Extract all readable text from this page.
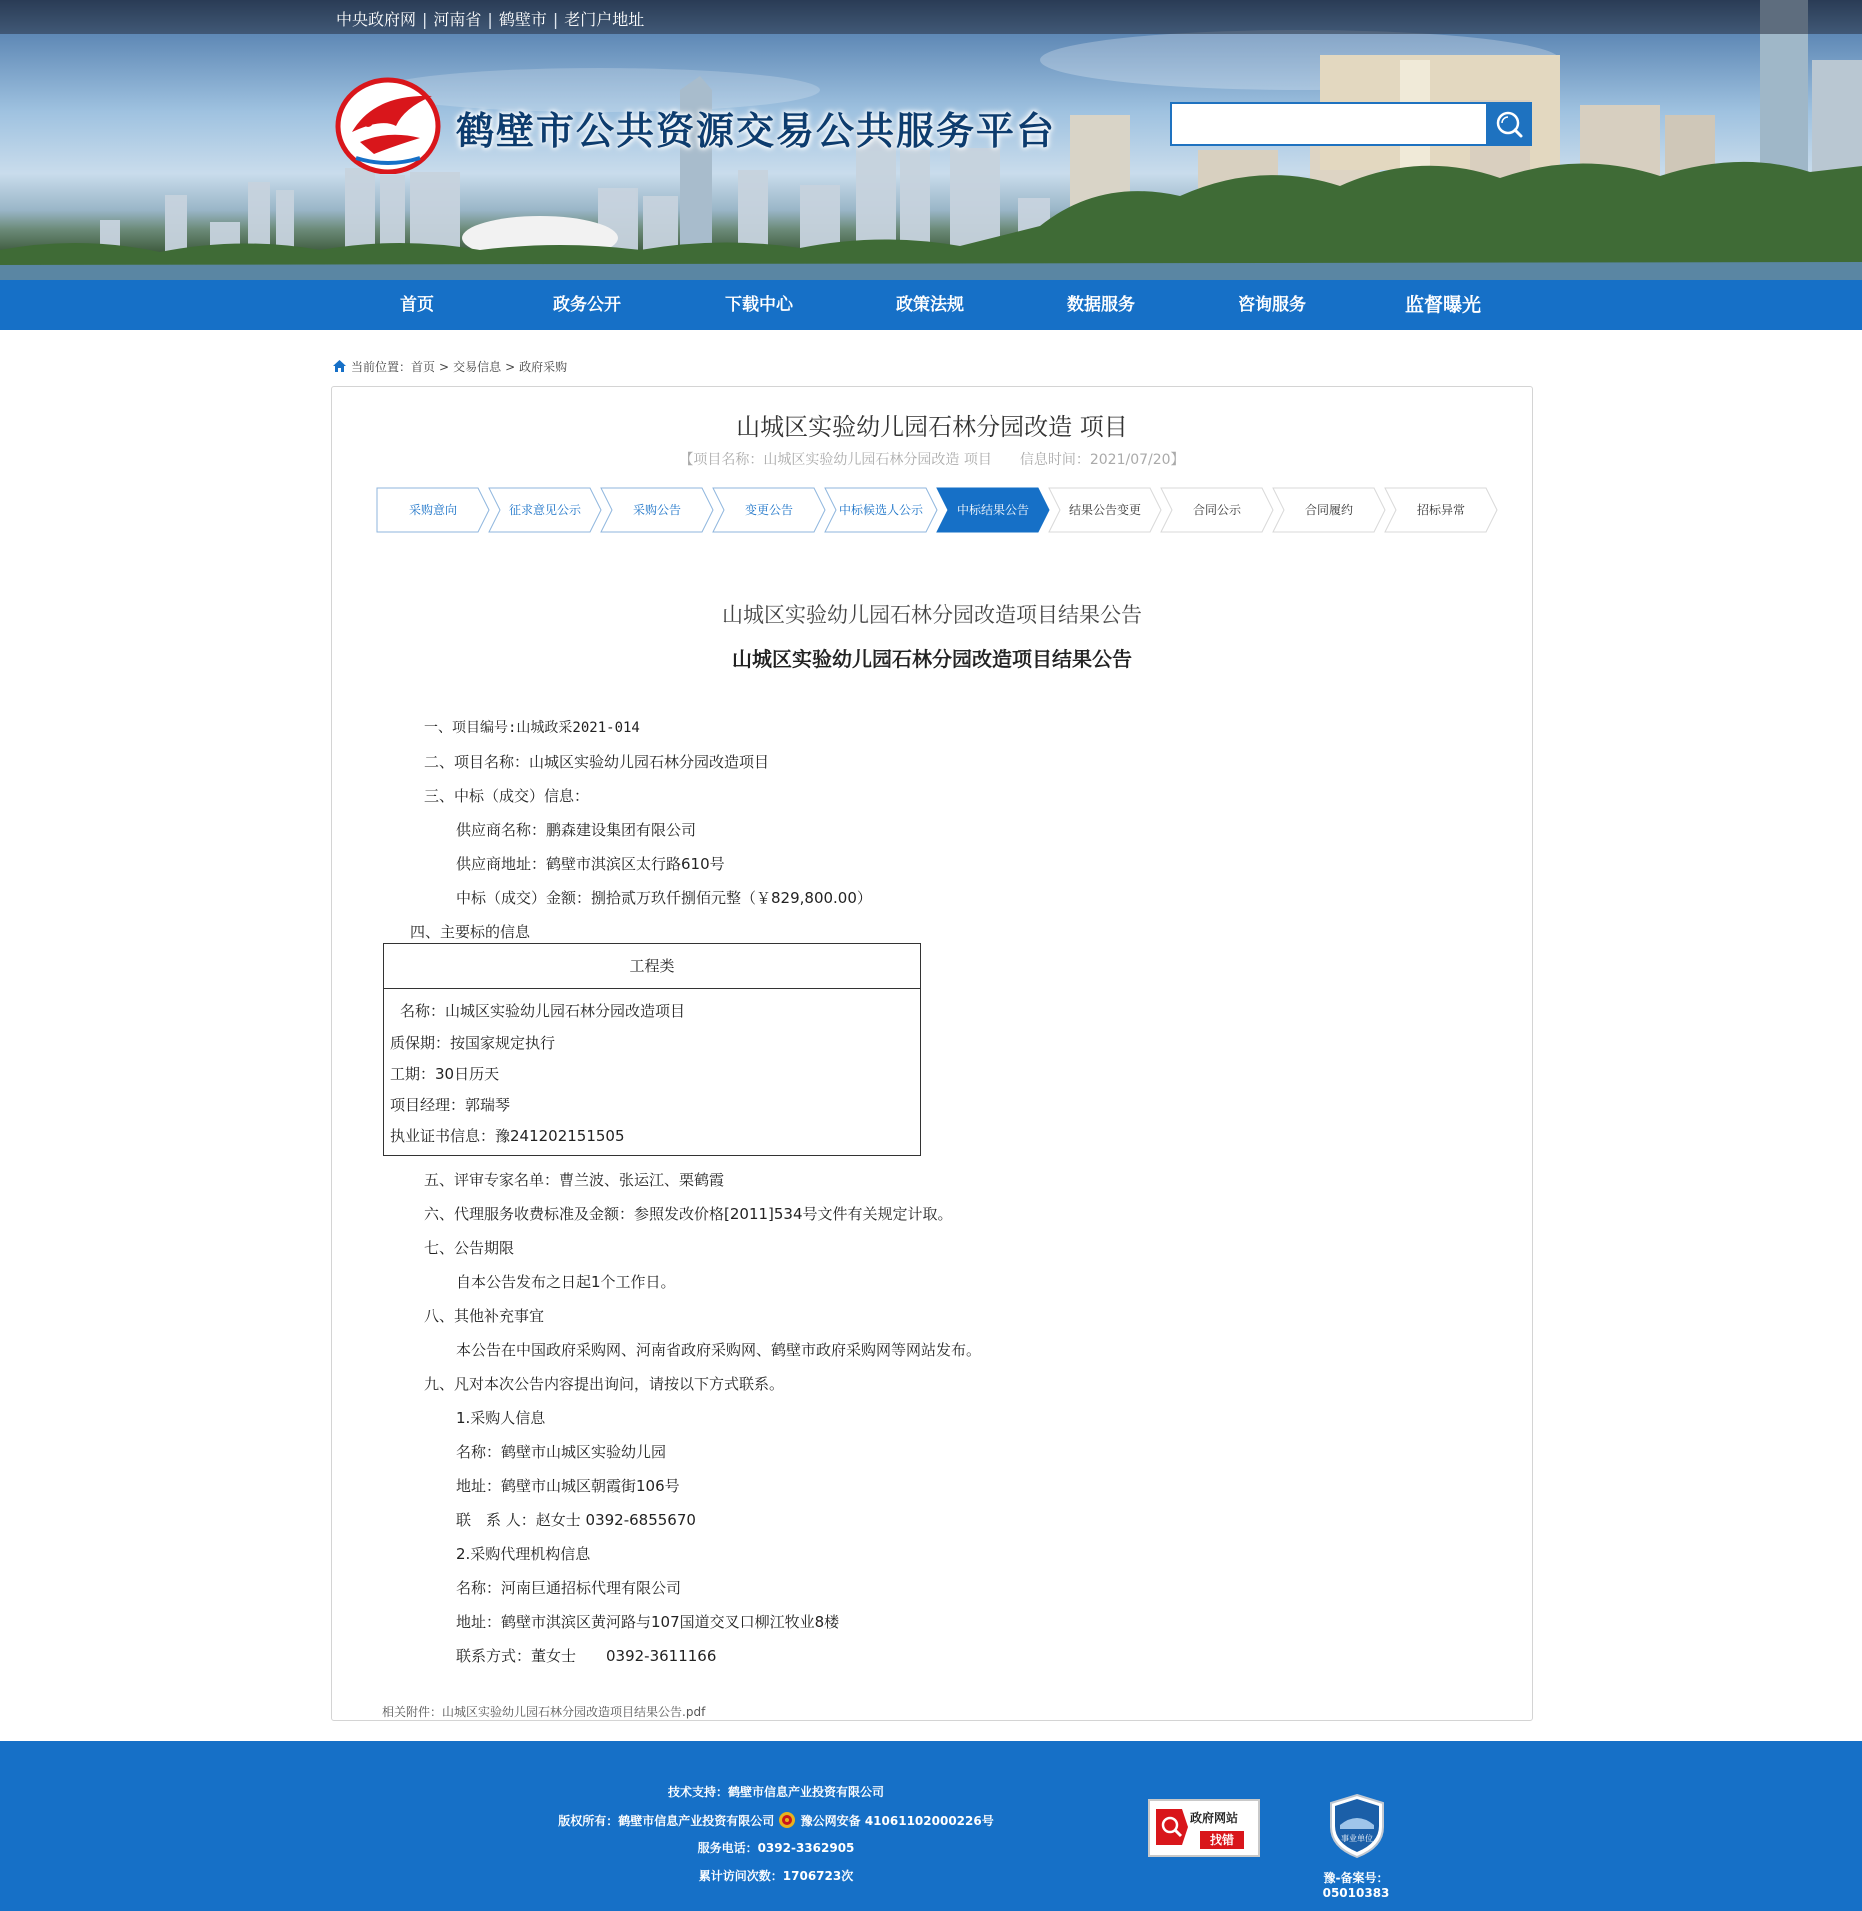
中央政府网 | 河南省 | 鹤壁市 | 老门户地址
鹤壁市公共资源交易公共服务平台
首页	政务公开	下载中心	政策法规	数据服务	咨询服务	监督曝光
当前位置：首页 > 交易信息 > 政府采购
山城区实验幼儿园石林分园改造 项目
【项目名称：山城区实验幼儿园石林分园改造 项目　　信息时间：2021/07/20】
采购意向	征求意见公示	采购公告	变更公告	中标候选人公示	中标结果公告	结果公告变更	合同公示	合同履约	招标异常
山城区实验幼儿园石林分园改造项目结果公告
山城区实验幼儿园石林分园改造项目结果公告
一、项目编号:山城政采2021-014
二、项目名称：山城区实验幼儿园石林分园改造项目
三、中标（成交）信息：
供应商名称：鹏森建设集团有限公司
供应商地址：鹤壁市淇滨区太行路610号
中标（成交）金额：捌拾贰万玖仟捌佰元整（￥829,800.00）
四、主要标的信息
工程类
名称：山城区实验幼儿园石林分园改造项目
质保期：按国家规定执行
工期：30日历天
项目经理：郭瑞琴
执业证书信息：豫241202151505
五、评审专家名单：曹兰波、张运江、栗鹤霞
六、代理服务收费标准及金额：参照发改价格[2011]534号文件有关规定计取。
七、公告期限
自本公告发布之日起1个工作日。
八、其他补充事宜
本公告在中国政府采购网、河南省政府采购网、鹤壁市政府采购网等网站发布。
九、凡对本次公告内容提出询问，请按以下方式联系。
1.采购人信息
名称：鹤壁市山城区实验幼儿园
地址：鹤壁市山城区朝霞街106号
联　系 人：赵女士 0392-6855670
2.采购代理机构信息
名称：河南巨通招标代理有限公司
地址：鹤壁市淇滨区黄河路与107国道交叉口柳江牧业8楼
联系方式：董女士　　0392-3611166
相关附件：山城区实验幼儿园石林分园改造项目结果公告.pdf
技术支持：鹤壁市信息产业投资有限公司
版权所有：鹤壁市信息产业投资有限公司 豫公网安备 41061102000226号
服务电话：0392-3362905
累计访问次数：1706723次
政府网站
找错	事业单位
豫-备案号：05010383
